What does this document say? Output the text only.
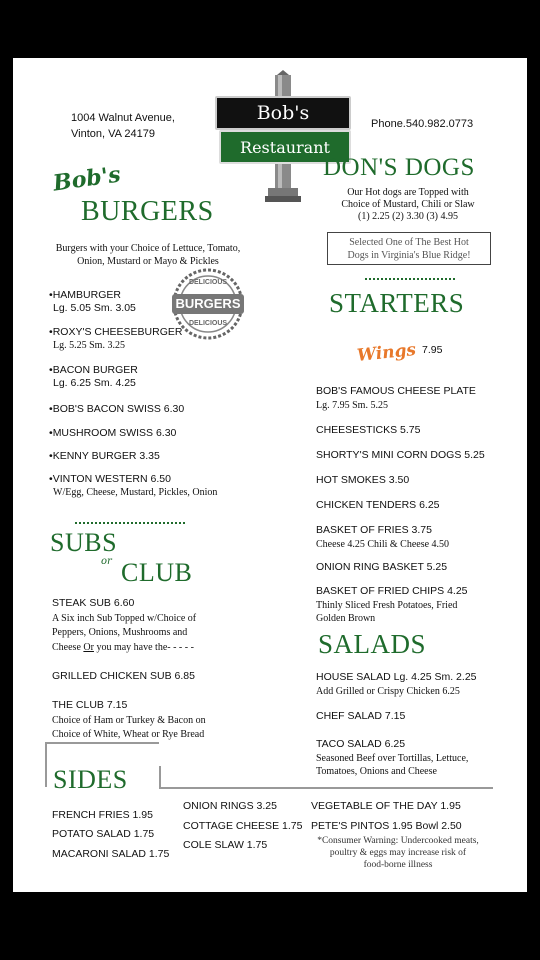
1004 Walnut Avenue,
Vinton, VA 24179
Bob's
Restaurant
Phone.540.982.0773
Bob's
BURGERS
Burgers with your Choice of Lettuce, Tomato, Onion, Mustard or Mayo & Pickles
DELICIOUS
BURGERS
DELICIOUS
•HAMBURGER
Lg. 5.05 Sm. 3.05
•ROXY'S CHEESEBURGER
Lg. 5.25 Sm. 3.25
•BACON BURGER
Lg. 6.25 Sm. 4.25
•BOB'S BACON SWISS 6.30
•MUSHROOM SWISS 6.30
•KENNY BURGER 3.35
•VINTON WESTERN 6.50
W/Egg, Cheese, Mustard, Pickles, Onion
SUBS
or CLUB
STEAK SUB 6.60
A Six inch Sub Topped w/Choice of
Peppers, Onions, Mushrooms and
Cheese Or you may have the- - - - -
GRILLED CHICKEN SUB 6.85
THE CLUB 7.15
Choice of Ham or Turkey & Bacon on
Choice of White, Wheat or Rye Bread
DON'S DOGS
Our Hot dogs are Topped with
Choice of Mustard, Chili or Slaw
(1) 2.25 (2) 3.30 (3) 4.95
Selected One of The Best Hot
Dogs in Virginia's Blue Ridge!
STARTERS
Wings 7.95
BOB'S FAMOUS CHEESE PLATE
Lg. 7.95 Sm. 5.25
CHEESESTICKS 5.75
SHORTY'S MINI CORN DOGS 5.25
HOT SMOKES 3.50
CHICKEN TENDERS 6.25
BASKET OF FRIES 3.75
Cheese 4.25 Chili & Cheese 4.50
ONION RING BASKET 5.25
BASKET OF FRIED CHIPS 4.25
Thinly Sliced Fresh Potatoes, Fried
Golden Brown
SALADS
HOUSE SALAD Lg. 4.25 Sm. 2.25
Add Grilled or Crispy Chicken 6.25
CHEF SALAD 7.15
TACO SALAD 6.25
Seasoned Beef over Tortillas, Lettuce,
Tomatoes, Onions and Cheese
SIDES
FRENCH FRIES 1.95
POTATO SALAD 1.75
MACARONI SALAD 1.75
ONION RINGS 3.25
COTTAGE CHEESE 1.75
COLE SLAW 1.75
VEGETABLE OF THE DAY 1.95
PETE'S PINTOS 1.95 Bowl 2.50
*Consumer Warning: Undercooked meats,
poultry & eggs may increase risk of
food-borne illness
